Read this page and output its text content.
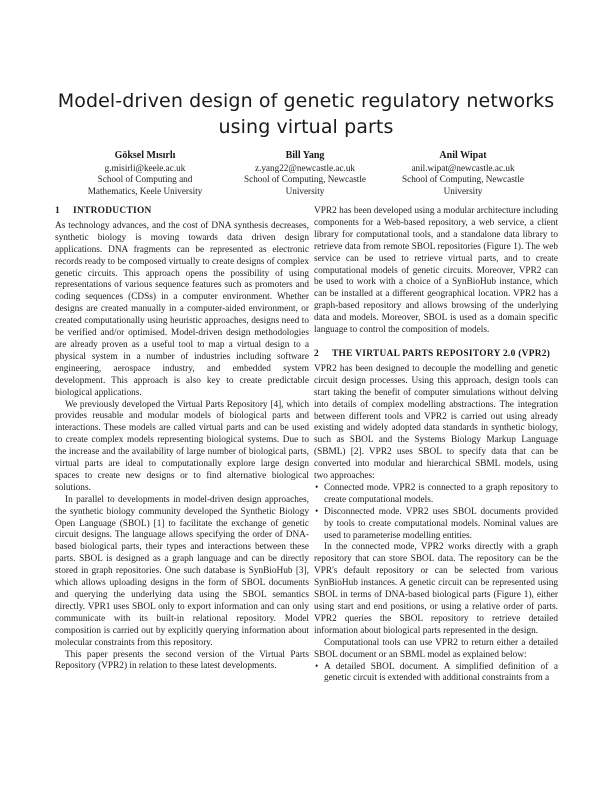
Model-driven design of genetic regulatory networks using virtual parts
Göksel Mısırlı
g.misirli@keele.ac.uk
School of Computing and Mathematics, Keele University
Bill Yang
z.yang22@newcastle.ac.uk
School of Computing, Newcastle University
Anil Wipat
anil.wipat@newcastle.ac.uk
School of Computing, Newcastle University
1 INTRODUCTION

As technology advances, and the cost of DNA synthesis decreases, synthetic biology is moving towards data driven design applications. DNA fragments can be represented as electronic records ready to be composed virtually to create designs of complex genetic circuits. This approach opens the possibility of using representations of various sequence features such as promoters and coding sequences (CDSs) in a computer environment. Whether designs are created manually in a computer-aided environment, or created computationally using heuristic approaches, designs need to be verified and/or optimised. Model-driven design methodologies are already proven as a useful tool to map a virtual design to a physical system in a number of industries including software engineering, aerospace industry, and embedded system development. This approach is also key to create predictable biological applications.

We previously developed the Virtual Parts Repository [4], which provides reusable and modular models of biological parts and interactions. These models are called virtual parts and can be used to create complex models representing biological systems. Due to the increase and the availability of large number of biological parts, virtual parts are ideal to computationally explore large design spaces to create new designs or to find alternative biological solutions.

In parallel to developments in model-driven design approaches, the synthetic biology community developed the Synthetic Biology Open Language (SBOL) [1] to facilitate the exchange of genetic circuit designs. The language allows specifying the order of DNA-based biological parts, their types and interactions between these parts. SBOL is designed as a graph language and can be directly stored in graph repositories. One such database is SynBioHub [3], which allows uploading designs in the form of SBOL documents and querying the underlying data using the SBOL semantics directly. VPR1 uses SBOL only to export information and can only communicate with its built-in relational repository. Model composition is carried out by explicitly querying information about molecular constraints from this repository.

This paper presents the second version of the Virtual Parts Repository (VPR2) in relation to these latest developments.

VPR2 has been developed using a modular architecture including components for a Web-based repository, a web service, a client library for computational tools, and a standalone data library to retrieve data from remote SBOL repositories (Figure 1). The web service can be used to retrieve virtual parts, and to create computational models of genetic circuits. Moreover, VPR2 can be used to work with a choice of a SynBioHub instance, which can be installed at a different geographical location. VPR2 has a graph-based repository and allows browsing of the underlying data and models. Moreover, SBOL is used as a domain specific language to control the composition of models.

2 THE VIRTUAL PARTS REPOSITORY 2.0 (VPR2)

VPR2 has been designed to decouple the modelling and genetic circuit design processes. Using this approach, design tools can start taking the benefit of computer simulations without delving into details of complex modelling abstractions. The integration between different tools and VPR2 is carried out using already existing and widely adopted data standards in synthetic biology, such as SBOL and the Systems Biology Markup Language (SBML) [2]. VPR2 uses SBOL to specify data that can be converted into modular and hierarchical SBML models, using two approaches:

• Connected mode. VPR2 is connected to a graph repository to create computational models.
• Disconnected mode. VPR2 uses SBOL documents provided by tools to create computational models. Nominal values are used to parameterise modelling entities.

In the connected mode, VPR2 works directly with a graph repository that can store SBOL data. The repository can be the VPR's default repository or can be selected from various SynBioHub instances. A genetic circuit can be represented using SBOL in terms of DNA-based biological parts (Figure 1), either using start and end positions, or using a relative order of parts. VPR2 queries the SBOL repository to retrieve detailed information about biological parts represented in the design.

Computational tools can use VPR2 to return either a detailed SBOL document or an SBML model as explained below:

• A detailed SBOL document. A simplified definition of a genetic circuit is extended with additional constraints from a
